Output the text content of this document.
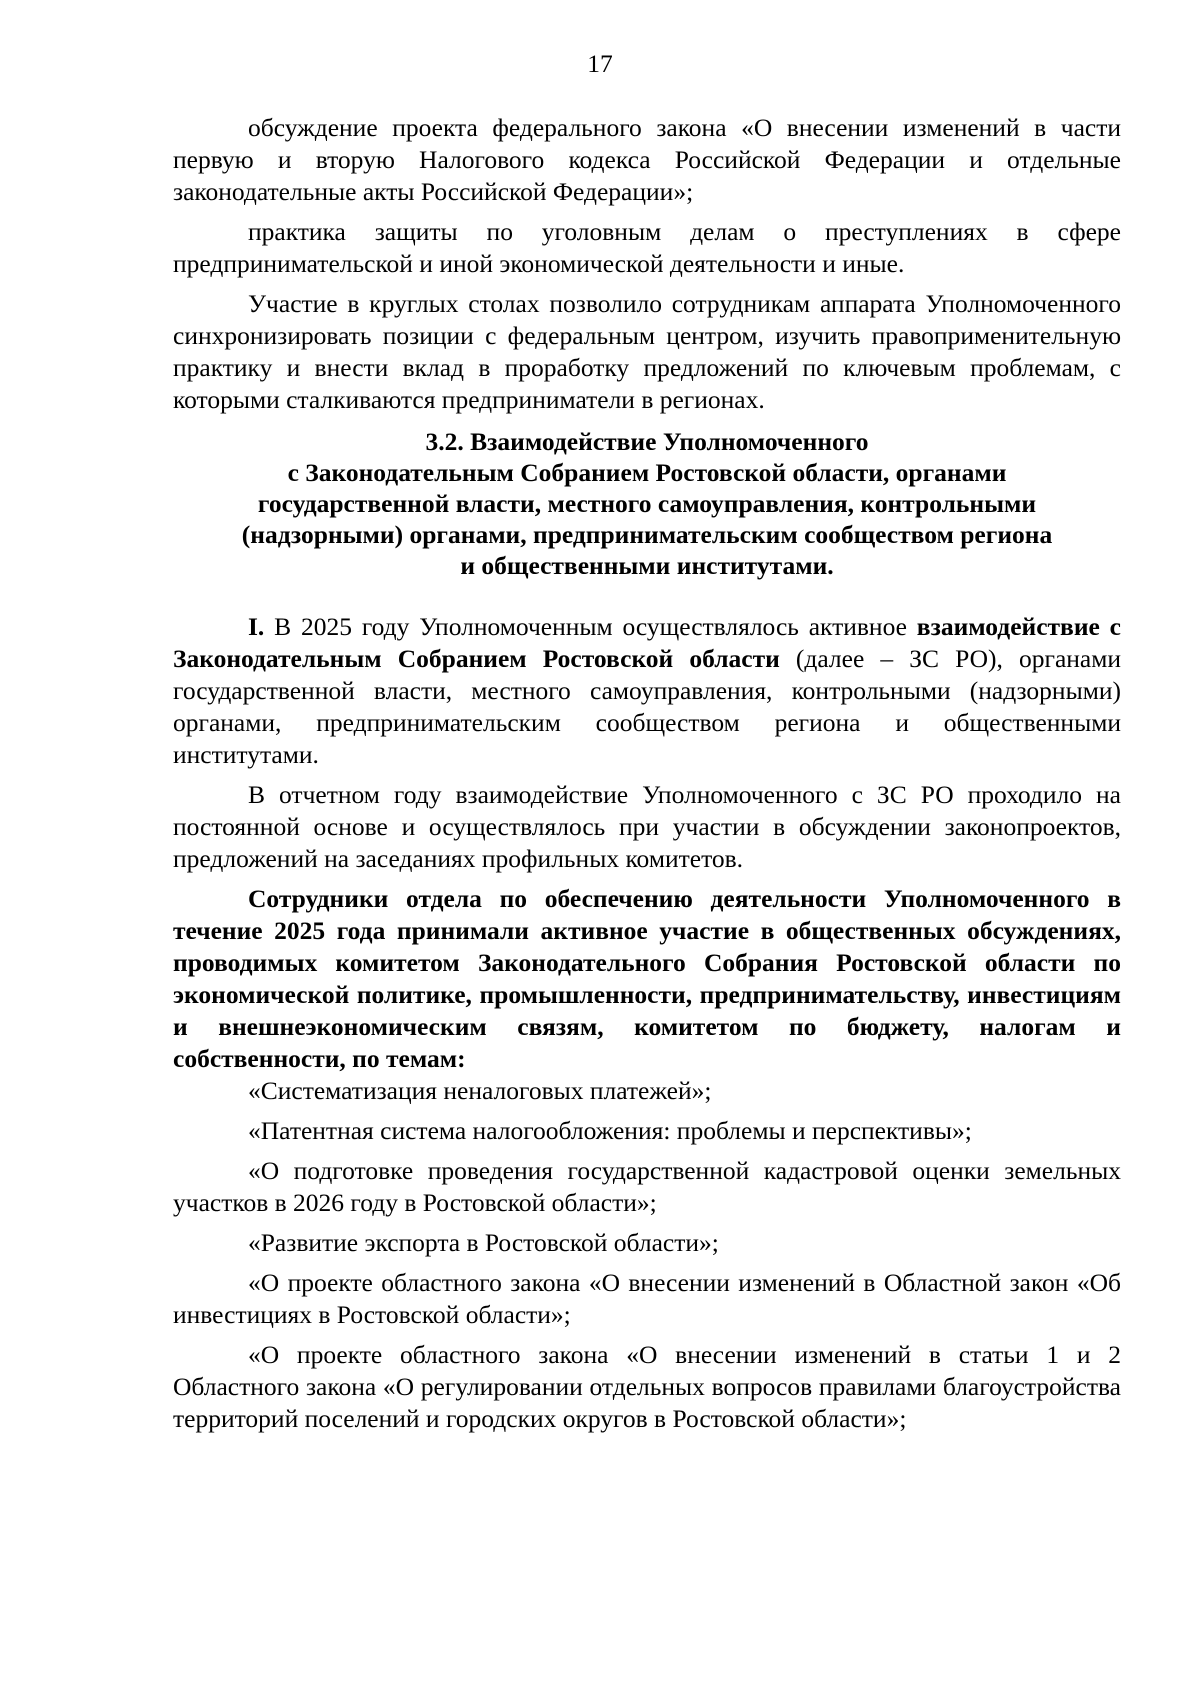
17

обсуждение проекта федерального закона «О внесении изменений в части первую и вторую Налогового кодекса Российской Федерации и отдельные законодательные акты Российской Федерации»;

практика защиты по уголовным делам о преступлениях в сфере предпринимательской и иной экономической деятельности и иные.

Участие в круглых столах позволило сотрудникам аппарата Уполномоченного синхронизировать позиции с федеральным центром, изучить правоприменительную практику и внести вклад в проработку предложений по ключевым проблемам, с которыми сталкиваются предприниматели в регионах.

3.2. Взаимодействие Уполномоченного
с Законодательным Собранием Ростовской области, органами
государственной власти, местного самоуправления, контрольными
(надзорными) органами, предпринимательским сообществом региона
и общественными институтами.

I. В 2025 году Уполномоченным осуществлялось активное взаимодействие с Законодательным Собранием Ростовской области (далее – ЗС РО), органами государственной власти, местного самоуправления, контрольными (надзорными) органами, предпринимательским сообществом региона и общественными институтами.

В отчетном году взаимодействие Уполномоченного с ЗС РО проходило на постоянной основе и осуществлялось при участии в обсуждении законопроектов, предложений на заседаниях профильных комитетов.

Сотрудники отдела по обеспечению деятельности Уполномоченного в течение 2025 года принимали активное участие в общественных обсуждениях, проводимых комитетом Законодательного Собрания Ростовской области по экономической политике, промышленности, предпринимательству, инвестициям и внешнеэкономическим связям, комитетом по бюджету, налогам и собственности, по темам:

«Систематизация неналоговых платежей»;

«Патентная система налогообложения: проблемы и перспективы»;

«О подготовке проведения государственной кадастровой оценки земельных участков в 2026 году в Ростовской области»;

«Развитие экспорта в Ростовской области»;

«О проекте областного закона «О внесении изменений в Областной закон «Об инвестициях в Ростовской области»;

«О проекте областного закона «О внесении изменений в статьи 1 и 2 Областного закона «О регулировании отдельных вопросов правилами благоустройства территорий поселений и городских округов в Ростовской области»;
